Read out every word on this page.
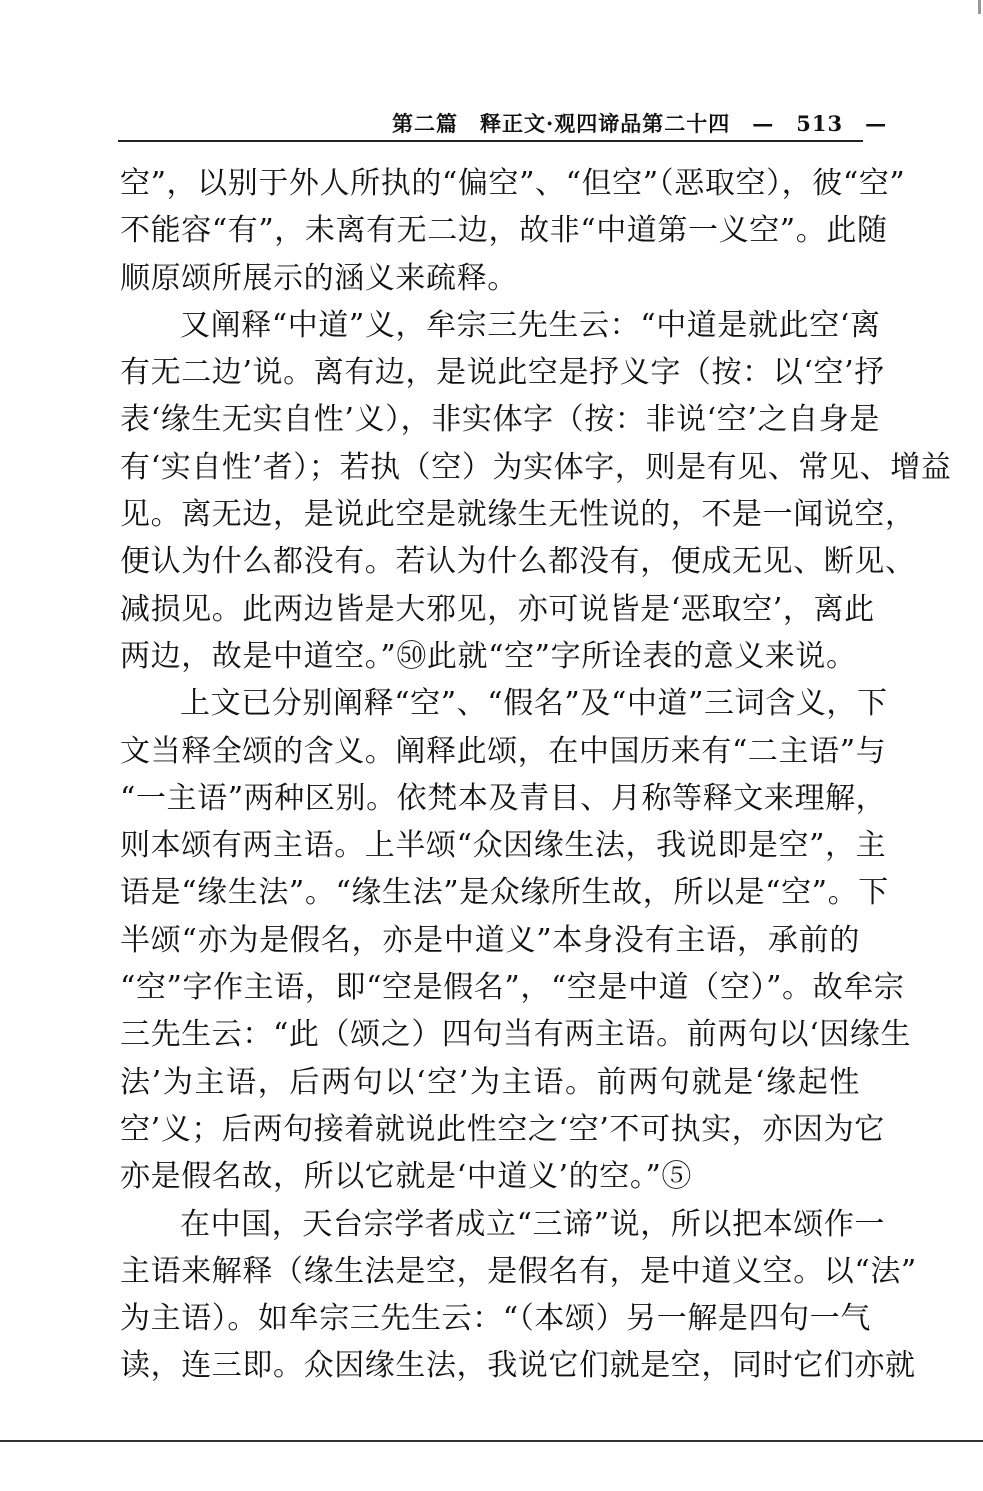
第二篇　释正文·观四谛品第二十四　—　513　—
空”，以别于外人所执的“偏空”、“但空”（恶取空），彼“空”
不能容“有”，未离有无二边，故非“中道第一义空”。此随
顺原颂所展示的涵义来疏释。
又阐释“中道”义，牟宗三先生云：“中道是就此空‘离
有无二边’说。离有边，是说此空是抒义字（按：以‘空’抒
表‘缘生无实自性’义），非实体字（按：非说‘空’之自身是
有‘实自性’者）；若执（空）为实体字，则是有见、常见、增益
见。离无边，是说此空是就缘生无性说的，不是一闻说空，
便认为什么都没有。若认为什么都没有，便成无见、断见、
减损见。此两边皆是大邪见，亦可说皆是‘恶取空’，离此
两边，故是中道空。”㊿此就“空”字所诠表的意义来说。
上文已分别阐释“空”、“假名”及“中道”三词含义，下
文当释全颂的含义。阐释此颂，在中国历来有“二主语”与
“一主语”两种区别。依梵本及青目、月称等释文来理解，
则本颂有两主语。上半颂“众因缘生法，我说即是空”，主
语是“缘生法”。“缘生法”是众缘所生故，所以是“空”。下
半颂“亦为是假名，亦是中道义”本身没有主语，承前的
“空”字作主语，即“空是假名”，“空是中道（空）”。故牟宗
三先生云：“此（颂之）四句当有两主语。前两句以‘因缘生
法’为主语，后两句以‘空’为主语。前两句就是‘缘起性
空’义；后两句接着就说此性空之‘空’不可执实，亦因为它
亦是假名故，所以它就是‘中道义’的空。”⑤
在中国，天台宗学者成立“三谛”说，所以把本颂作一
主语来解释（缘生法是空，是假名有，是中道义空。以“法”
为主语）。如牟宗三先生云：“（本颂）另一解是四句一气
读，连三即。众因缘生法，我说它们就是空，同时它们亦就
